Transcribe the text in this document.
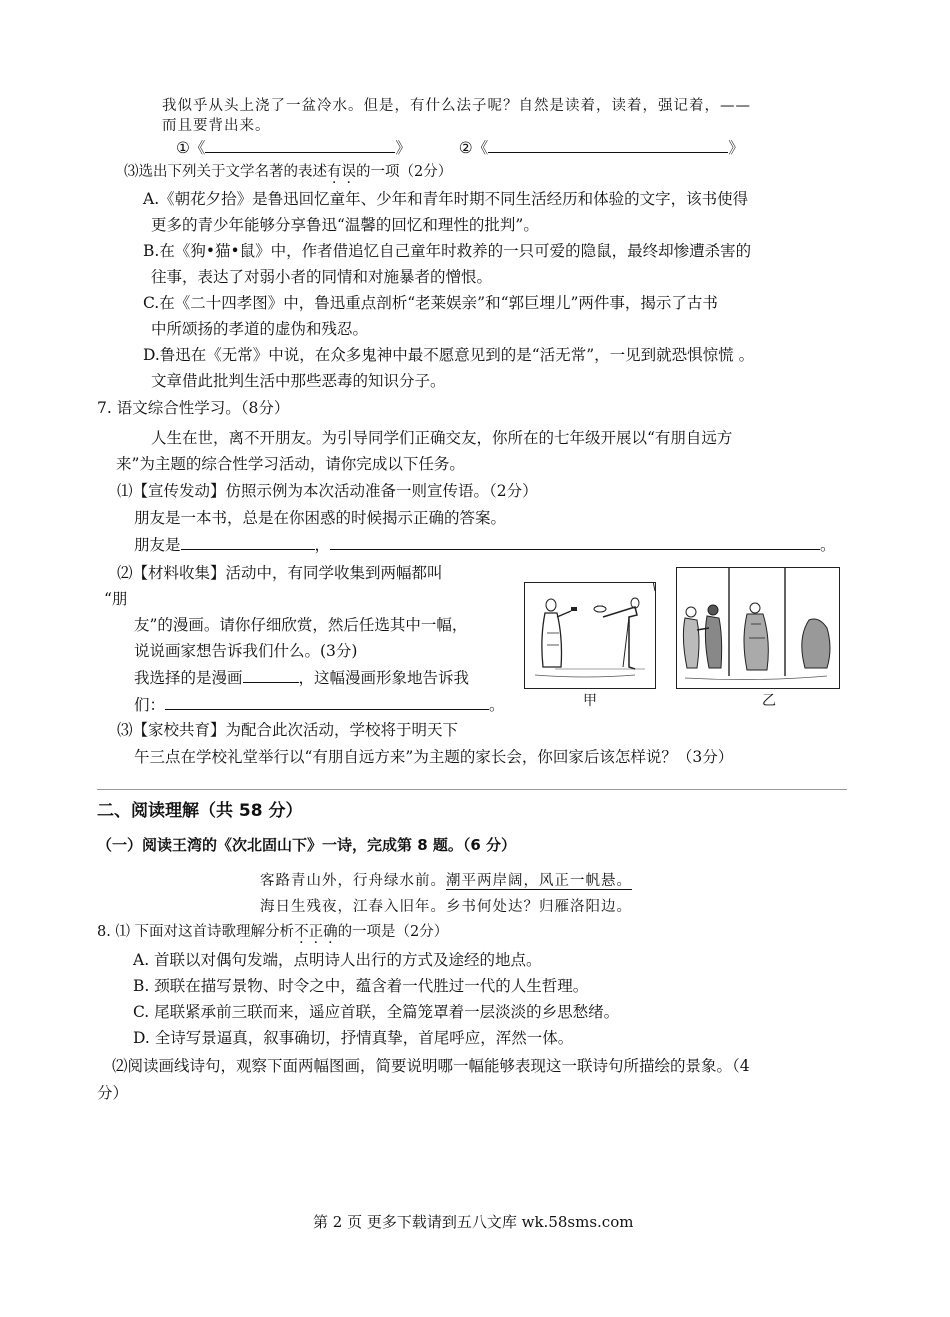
我似乎从头上浇了一盆冷水。但是，有什么法子呢？自然是读着，读着，强记着，——
而且要背出来。
①《	》	②《	》
⑶选出下列关于文学名著的表述有误的一项（2分）
A.《朝花夕拾》是鲁迅回忆童年、少年和青年时期不同生活经历和体验的文字，该书使得
更多的青少年能够分享鲁迅“温馨的回忆和理性的批判”。
B.在《狗•猫•鼠》中，作者借追忆自己童年时救养的一只可爱的隐鼠，最终却惨遭杀害的
往事，表达了对弱小者的同情和对施暴者的憎恨。
C.在《二十四孝图》中，鲁迅重点剖析“老莱娱亲”和“郭巨埋儿”两件事，揭示了古书
中所颂扬的孝道的虚伪和残忍。
D.鲁迅在《无常》中说，在众多鬼神中最不愿意见到的是“活无常”，一见到就恐惧惊慌 。
文章借此批判生活中那些恶毒的知识分子。
7. 语文综合性学习。（8分）
人生在世，离不开朋友。为引导同学们正确交友，你所在的七年级开展以“有朋自远方
来”为主题的综合性学习活动，请你完成以下任务。
⑴【宣传发动】仿照示例为本次活动准备一则宣传语。（2分）
朋友是一本书，总是在你困惑的时候揭示正确的答案。
朋友是	，	。
⑵【材料收集】活动中，有同学收集到两幅都叫
“朋
友”的漫画。请你仔细欣赏，然后任选其中一幅，
说说画家想告诉我们什么。(3分)
我选择的是漫画	，这幅漫画形象地告诉我
们：	。	甲	乙
⑶【家校共育】为配合此次活动，学校将于明天下
午三点在学校礼堂举行以“有朋自远方来”为主题的家长会，你回家后该怎样说？（3分）
二、阅读理解（共 58 分）
（一）阅读王湾的《次北固山下》一诗，完成第 8 题。（6 分）
客路青山外，行舟绿水前。潮平两岸阔，风正一帆悬。
海日生残夜，江春入旧年。乡书何处达？归雁洛阳边。
8. ⑴ 下面对这首诗歌理解分析不正确的一项是（2分）
A. 首联以对偶句发端，点明诗人出行的方式及途经的地点。
B. 颈联在描写景物、时令之中，蕴含着一代胜过一代的人生哲理。
C. 尾联紧承前三联而来，遥应首联，全篇笼罩着一层淡淡的乡思愁绪。
D. 全诗写景逼真，叙事确切，抒情真挚，首尾呼应，浑然一体。
⑵阅读画线诗句，观察下面两幅图画，简要说明哪一幅能够表现这一联诗句所描绘的景象。（4
分）
第 2 页 更多下载请到五八文库 wk.58sms.com
